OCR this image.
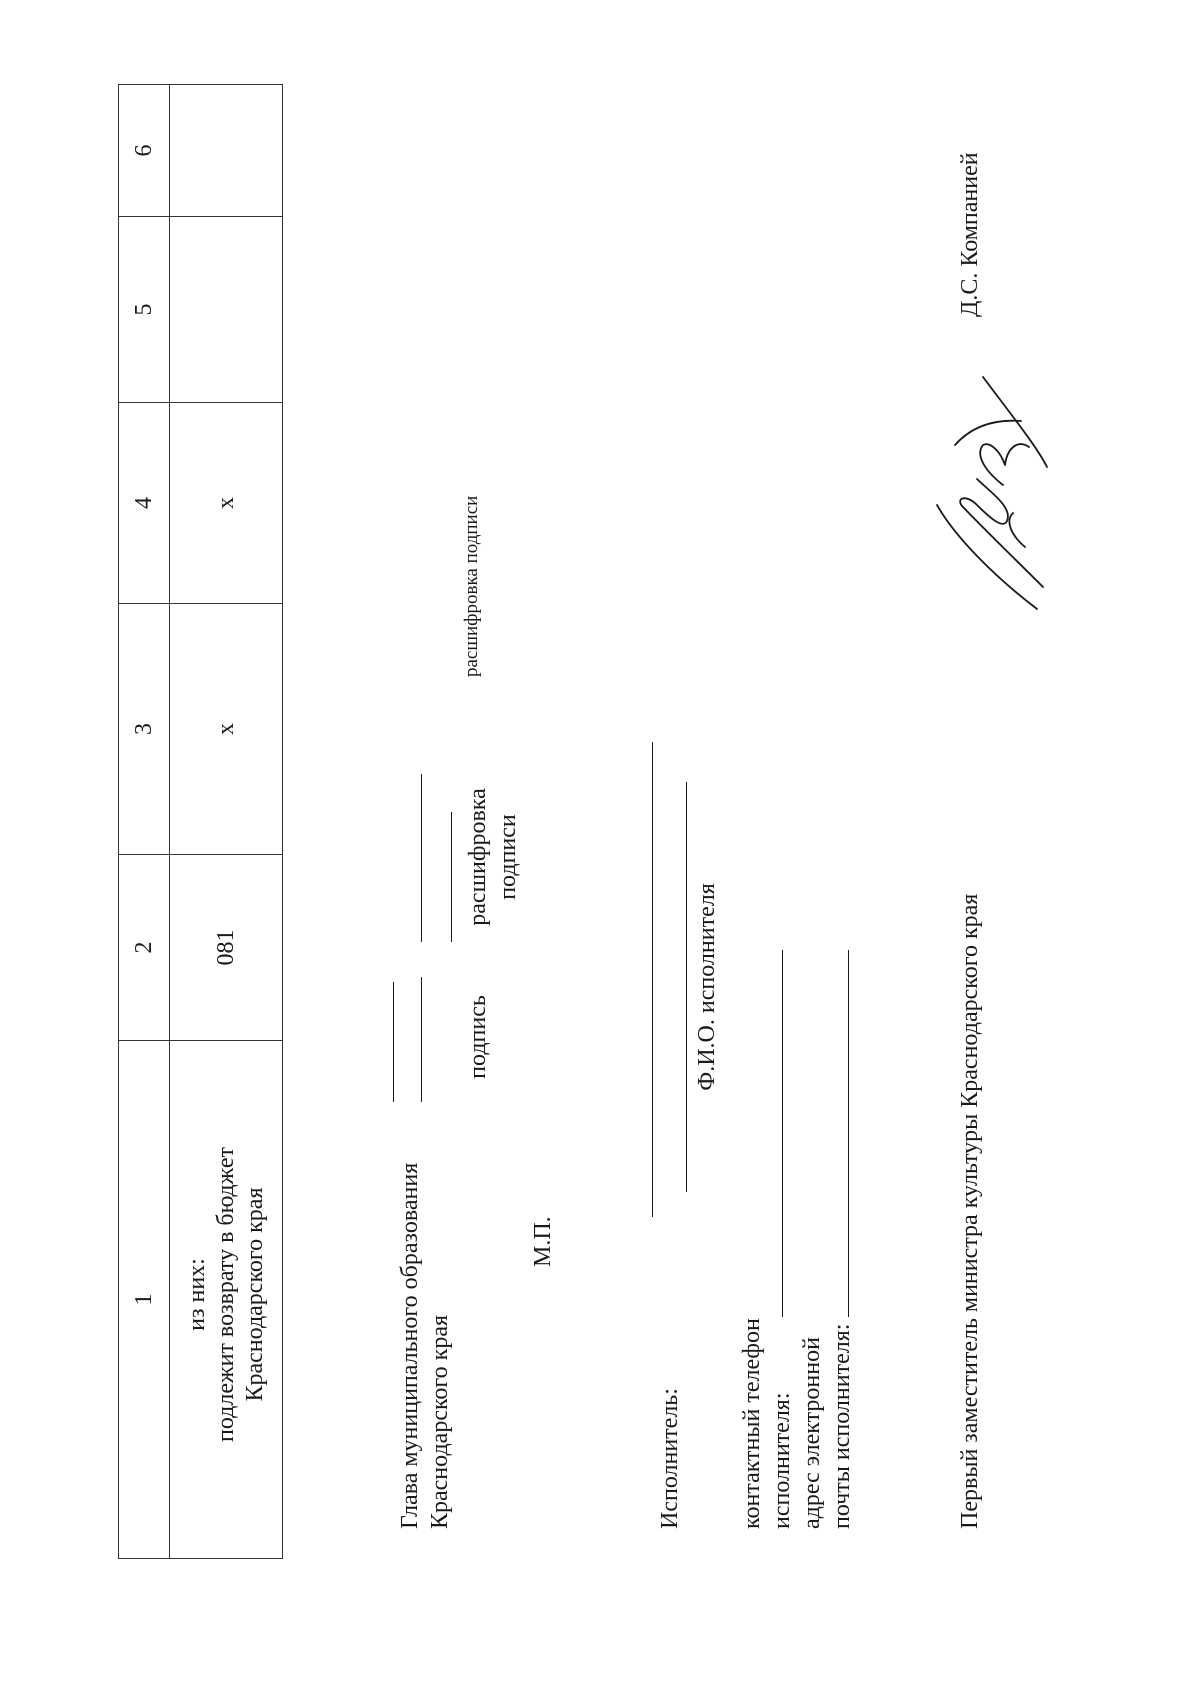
1	2	3	4	5	6

из них: подлежит возврату в бюджет Краснодарского края	081	x	x		
Глава муниципального образования Краснодарского края
подпись
расшифровка подписи
расшифровка подписи
М.П.
Исполнитель:
Ф.И.О. исполнителя
контактный телефон исполнителя: адрес электронной почты исполнителя:	Первый заместитель министра культуры Краснодарского края
Д.С. Компанией
